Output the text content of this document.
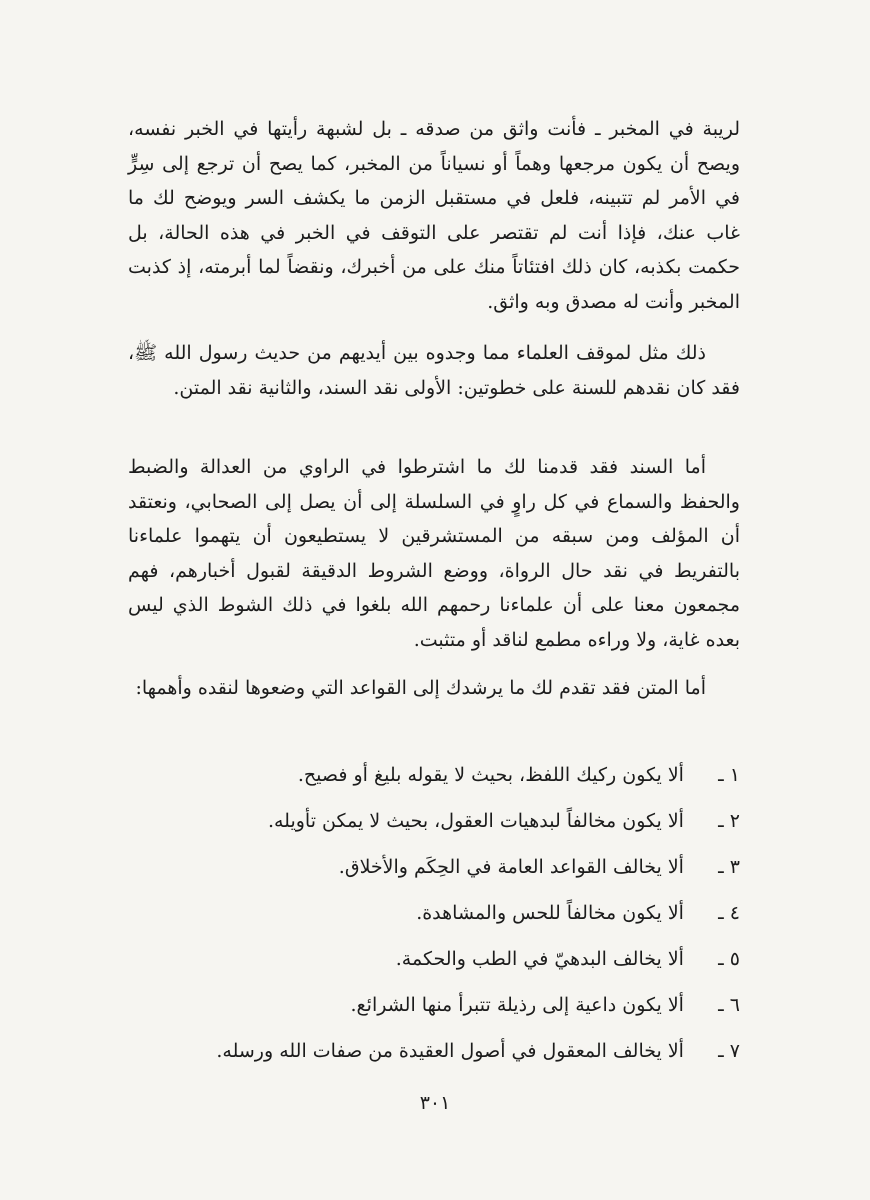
لريبة في المخبر ـ فأنت واثق من صدقه ـ بل لشبهة رأيتها في الخبر نفسه، ويصح أن يكون مرجعها وهماً أو نسياناً من المخبر، كما يصح أن ترجع إلى سِرٍّ في الأمر لم تتبينه، فلعل في مستقبل الزمن ما يكشف السر ويوضح لك ما غاب عنك، فإذا أنت لم تقتصر على التوقف في الخبر في هذه الحالة، بل حكمت بكذبه، كان ذلك افتئاتاً منك على من أخبرك، ونقضاً لما أبرمته، إذ كذبت المخبر وأنت له مصدق وبه واثق.

ذلك مثل لموقف العلماء مما وجدوه بين أيديهم من حديث رسول الله ﷺ، فقد كان نقدهم للسنة على خطوتين: الأولى نقد السند، والثانية نقد المتن.

أما السند فقد قدمنا لك ما اشترطوا في الراوي من العدالة والضبط والحفظ والسماع في كل راوٍ في السلسلة إلى أن يصل إلى الصحابي، ونعتقد أن المؤلف ومن سبقه من المستشرقين لا يستطيعون أن يتهموا علماءنا بالتفريط في نقد حال الرواة، ووضع الشروط الدقيقة لقبول أخبارهم، فهم مجمعون معنا على أن علماءنا رحمهم الله بلغوا في ذلك الشوط الذي ليس بعده غاية، ولا وراءه مطمع لناقد أو متثبت.

أما المتن فقد تقدم لك ما يرشدك إلى القواعد التي وضعوها لنقده وأهمها:

١ ـ ألا يكون ركيك اللفظ، بحيث لا يقوله بليغ أو فصيح.
٢ ـ ألا يكون مخالفاً لبدهيات العقول، بحيث لا يمكن تأويله.
٣ ـ ألا يخالف القواعد العامة في الحِكَم والأخلاق.
٤ ـ ألا يكون مخالفاً للحس والمشاهدة.
٥ ـ ألا يخالف البدهيّ في الطب والحكمة.
٦ ـ ألا يكون داعية إلى رذيلة تتبرأ منها الشرائع.
٧ ـ ألا يخالف المعقول في أصول العقيدة من صفات الله ورسله.
٣٠١
